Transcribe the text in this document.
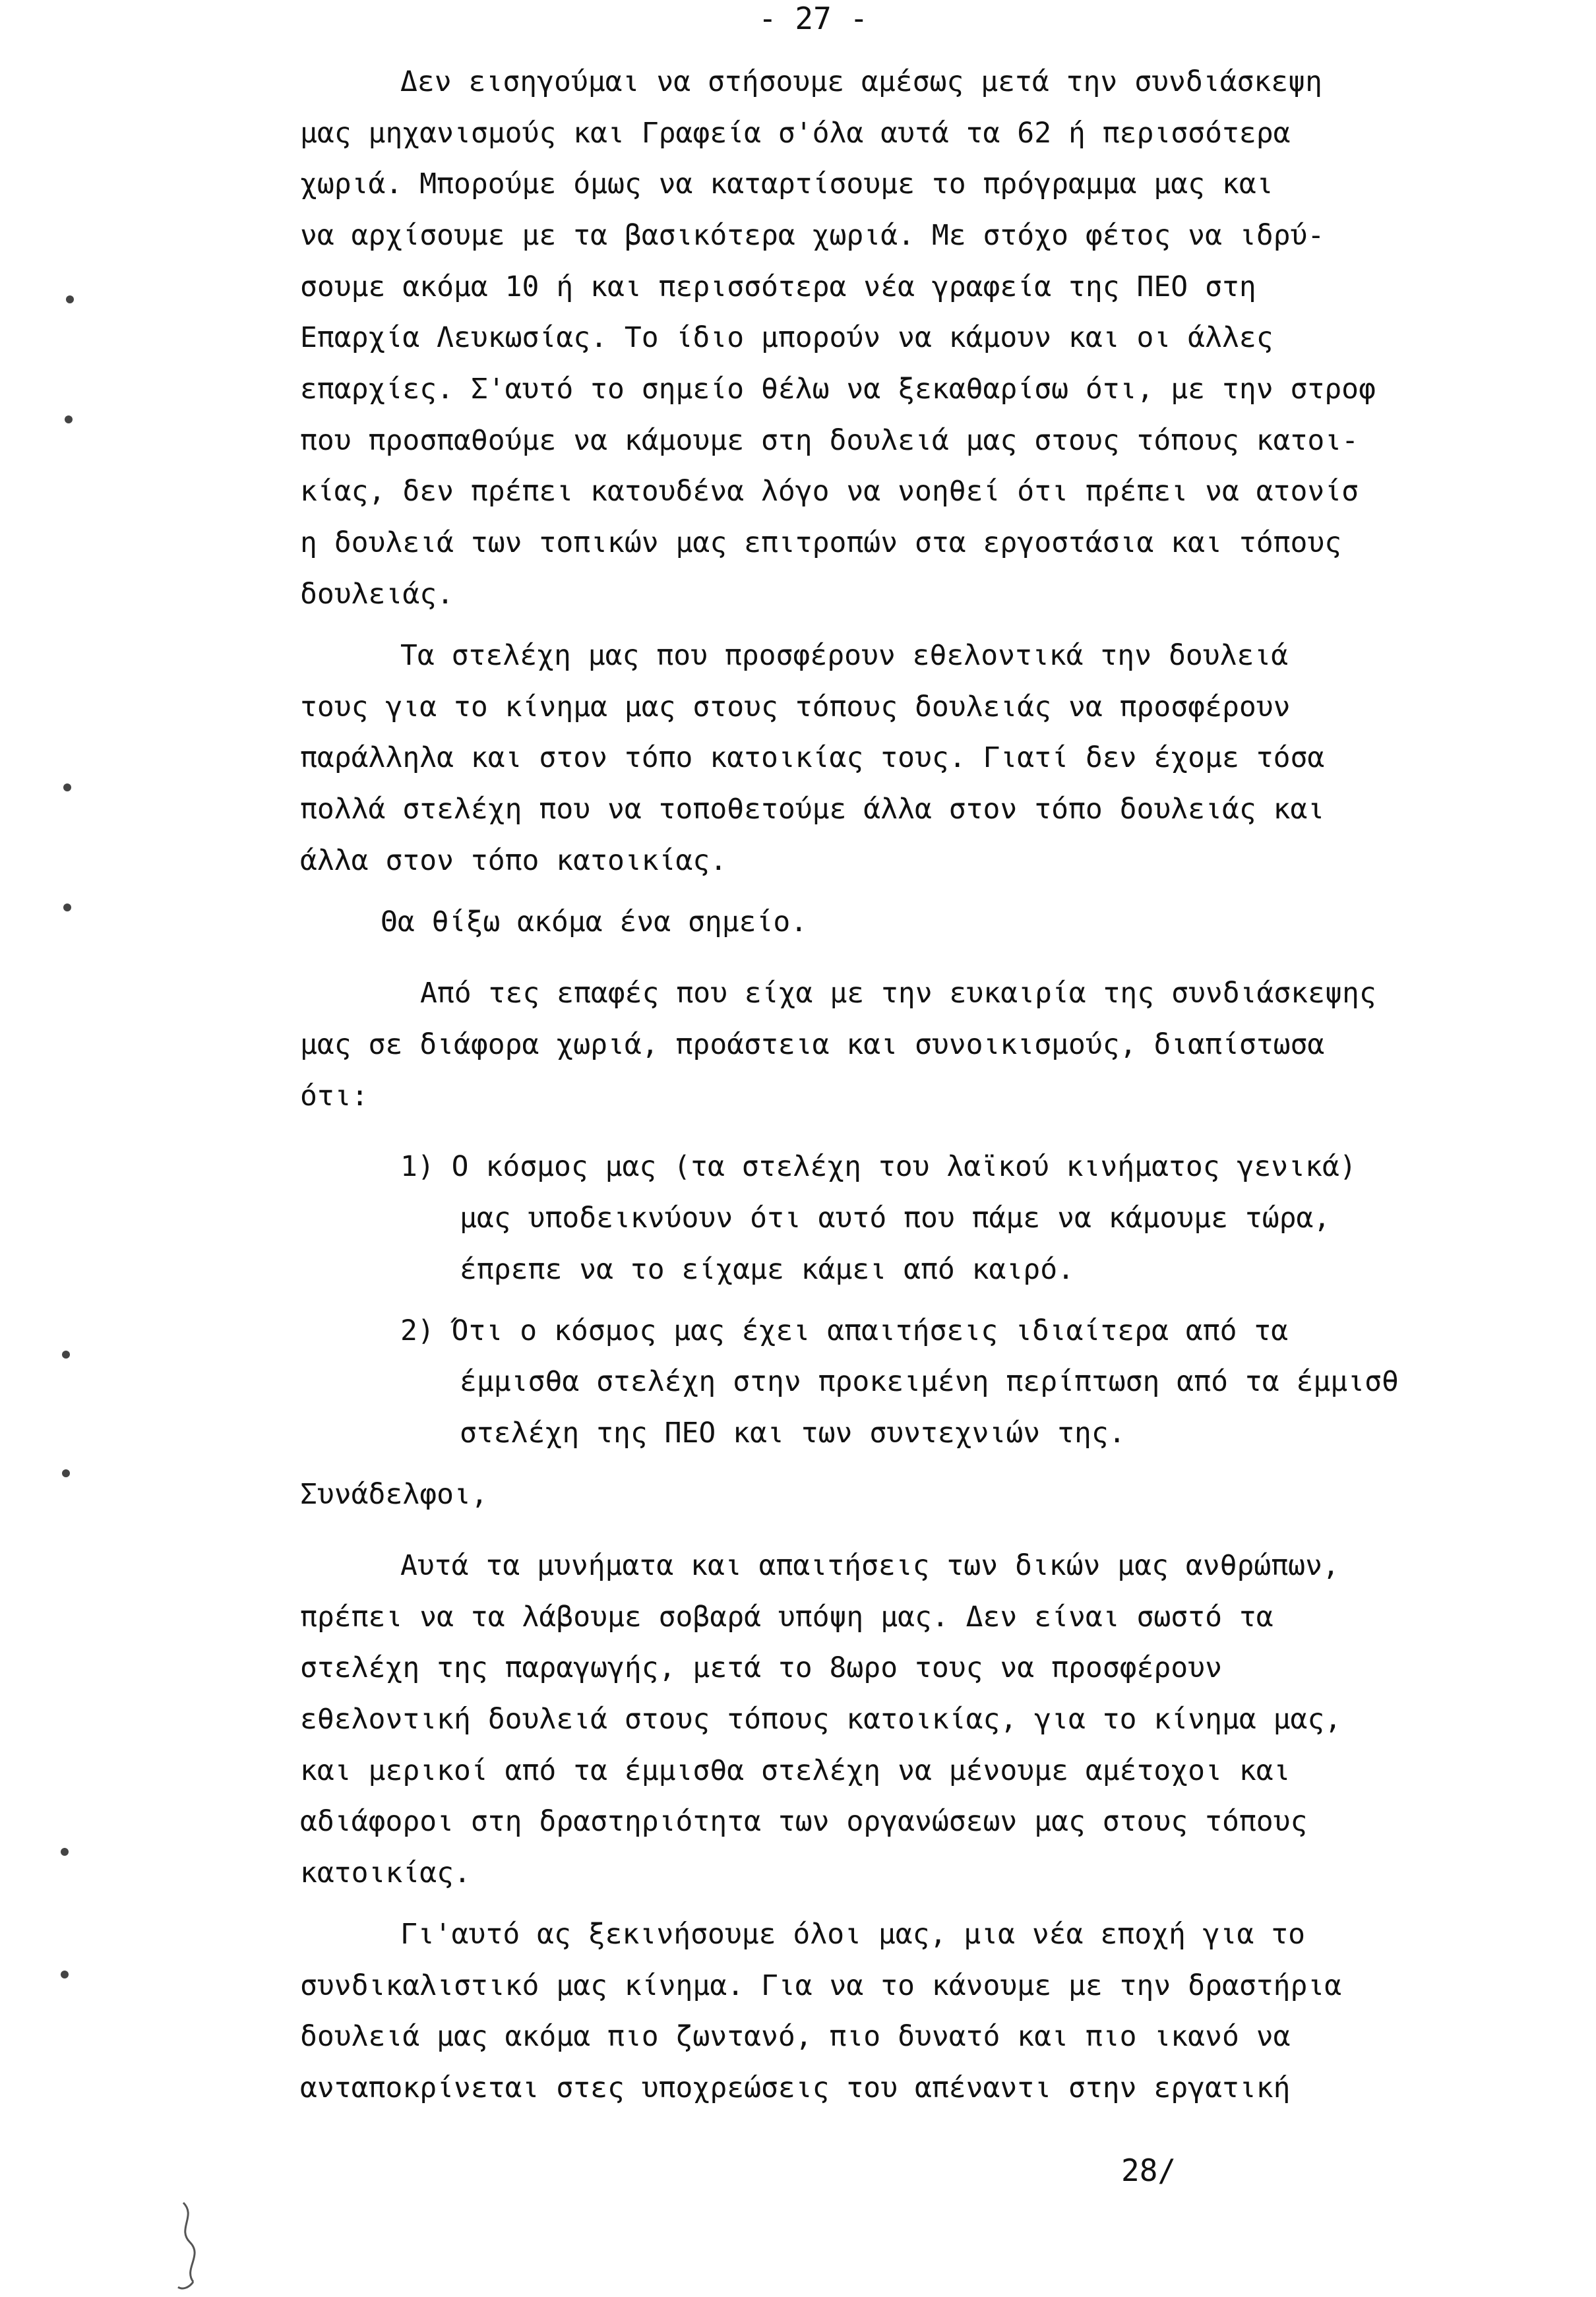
- 27 -
Δεν εισηγούμαι να στήσουμε αμέσως μετά την συνδιάσκεψη
μας μηχανισμούς και Γραφεία σ'όλα αυτά τα 62 ή περισσότερα
χωριά. Μπορούμε όμως να καταρτίσουμε το πρόγραμμα μας και
να αρχίσουμε με τα βασικότερα χωριά. Με στόχο φέτος να ιδρύ-
σουμε ακόμα 10 ή και περισσότερα νέα γραφεία της ΠΕΟ στη
Επαρχία Λευκωσίας. Το ίδιο μπορούν να κάμουν και οι άλλες
επαρχίες. Σ'αυτό το σημείο θέλω να ξεκαθαρίσω ότι, με την στροφ
που προσπαθούμε να κάμουμε στη δουλειά μας στους τόπους κατοι-
κίας, δεν πρέπει κατουδένα λόγο να νοηθεί ότι πρέπει να ατονίσ
η δουλειά των τοπικών μας επιτροπών στα εργοστάσια και τόπους
δουλειάς.
Τα στελέχη μας που προσφέρουν εθελοντικά την δουλειά
τους για το κίνημα μας στους τόπους δουλειάς να προσφέρουν
παράλληλα και στον τόπο κατοικίας τους. Γιατί δεν έχομε τόσα
πολλά στελέχη που να τοποθετούμε άλλα στον τόπο δουλειάς και
άλλα στον τόπο κατοικίας.
Θα θίξω ακόμα ένα σημείο.
Από τες επαφές που είχα με την ευκαιρία της συνδιάσκεψης
μας σε διάφορα χωριά, προάστεια και συνοικισμούς, διαπίστωσα
ότι:
1) Ο κόσμος μας (τα στελέχη του λαϊκού κινήματος γενικά)
μας υποδεικνύουν ότι αυτό που πάμε να κάμουμε τώρα,
έπρεπε να το είχαμε κάμει από καιρό.
2) Ότι ο κόσμος μας έχει απαιτήσεις ιδιαίτερα από τα
έμμισθα στελέχη στην προκειμένη περίπτωση από τα έμμισθ
στελέχη της ΠΕΟ και των συντεχνιών της.
Συνάδελφοι,
Αυτά τα μυνήματα και απαιτήσεις των δικών μας ανθρώπων,
πρέπει να τα λάβουμε σοβαρά υπόψη μας. Δεν είναι σωστό τα
στελέχη της παραγωγής, μετά το 8ωρο τους να προσφέρουν
εθελοντική δουλειά στους τόπους κατοικίας, για το κίνημα μας,
και μερικοί από τα έμμισθα στελέχη να μένουμε αμέτοχοι και
αδιάφοροι στη δραστηριότητα των οργανώσεων μας στους τόπους
κατοικίας.
Γι'αυτό ας ξεκινήσουμε όλοι μας, μια νέα εποχή για το
συνδικαλιστικό μας κίνημα. Για να το κάνουμε με την δραστήρια
δουλειά μας ακόμα πιο ζωντανό, πιο δυνατό και πιο ικανό να
ανταποκρίνεται στες υποχρεώσεις του απέναντι στην εργατική
28/
